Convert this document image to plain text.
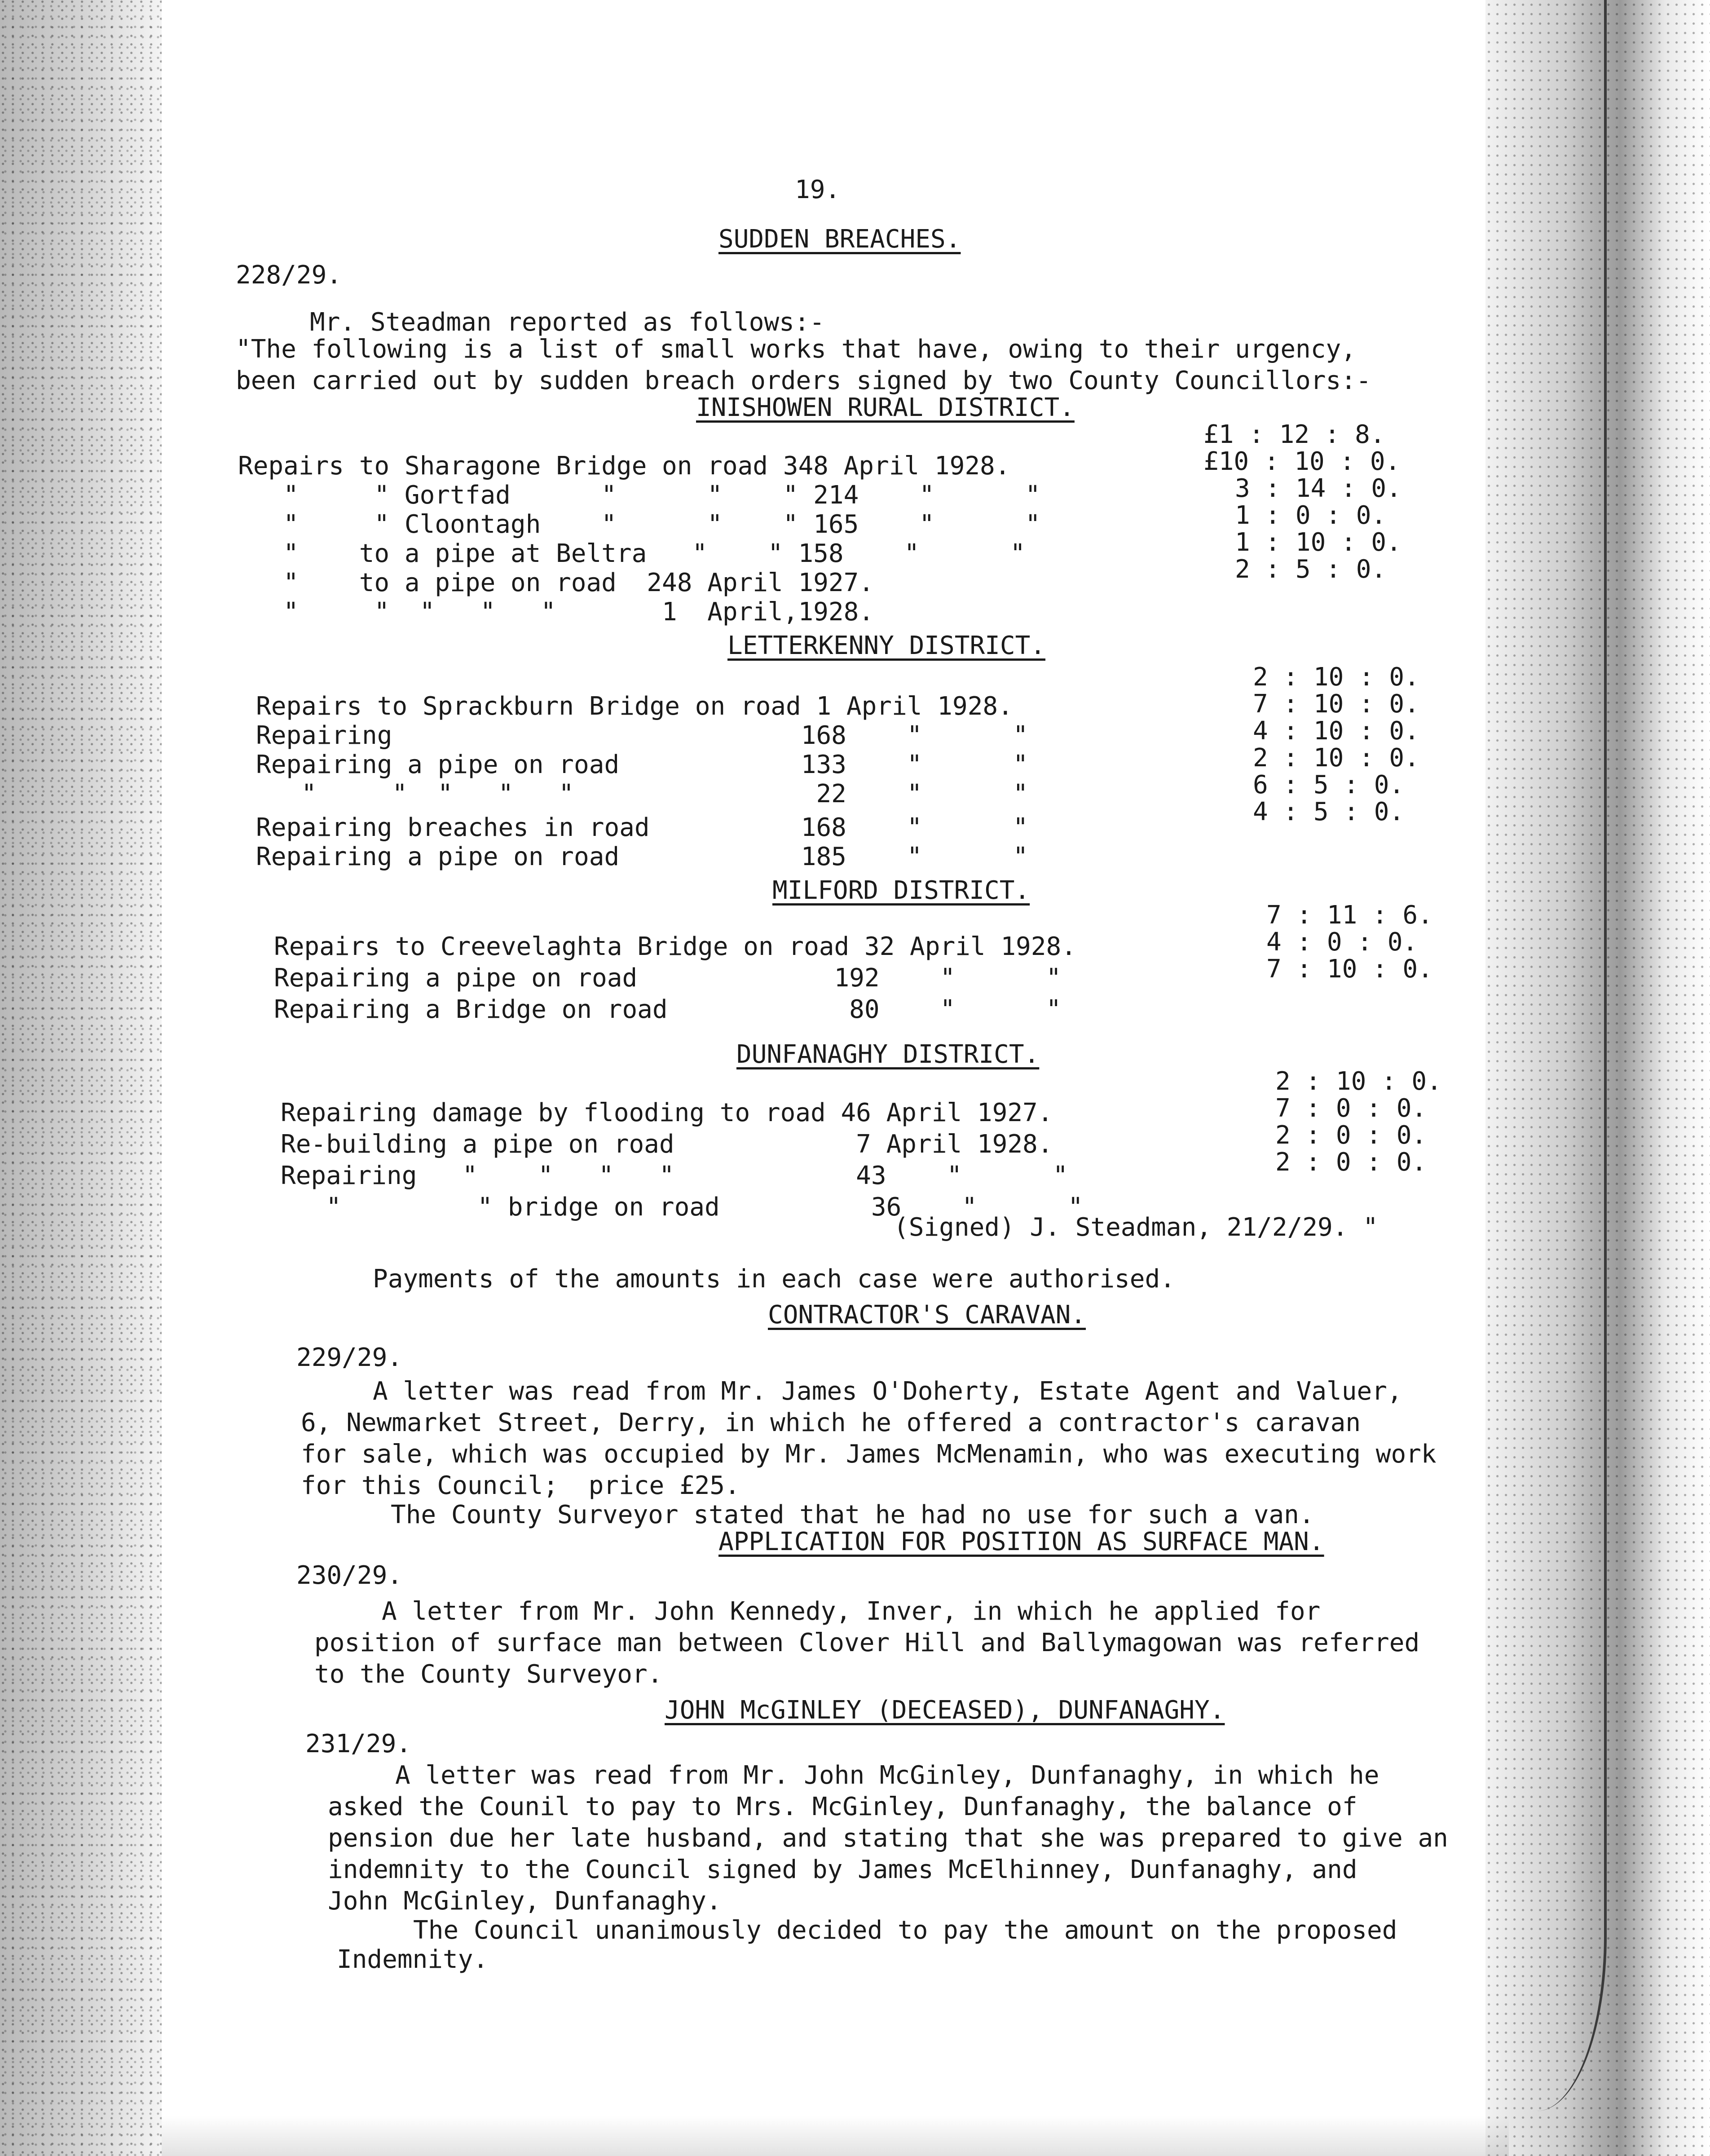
19.
SUDDEN BREACHES.
228/29.
Mr. Steadman reported as follows:-
"The following is a list of small works that have, owing to their urgency,
been carried out by sudden breach orders signed by two County Councillors:-
INISHOWEN RURAL DISTRICT.
Repairs to Sharagone Bridge on road 348 April 1928.
"     " Gortfad      "      "    " 214    "      "
"     " Cloontagh    "      "    " 165    "      "
"    to a pipe at Beltra   "    " 158    "      "
"    to a pipe on road  248 April 1927.
"     "  "   "   "       1  April,1928.
£1 : 12 : 8.
£10 : 10 : 0.
3 : 14 : 0.
1 : 0 : 0.
1 : 10 : 0.
2 : 5 : 0.
LETTERKENNY DISTRICT.
Repairs to Sprackburn Bridge on road 1 April 1928.
Repairing                           168    "      "
Repairing a pipe on road            133    "      "
"     "  "   "   "                22    "      "
Repairing breaches in road          168    "      "
Repairing a pipe on road            185    "      "
2 : 10 : 0.
7 : 10 : 0.
4 : 10 : 0.
2 : 10 : 0.
6 : 5 : 0.
4 : 5 : 0.
MILFORD DISTRICT.
Repairs to Creevelaghta Bridge on road 32 April 1928.
Repairing a pipe on road             192    "      "
Repairing a Bridge on road            80    "      "
7 : 11 : 6.
4 : 0 : 0.
7 : 10 : 0.
DUNFANAGHY DISTRICT.
Repairing damage by flooding to road 46 April 1927.
Re-building a pipe on road            7 April 1928.
Repairing   "    "   "   "            43    "      "
"         " bridge on road          36    "      "
2 : 10 : 0.
7 : 0 : 0.
2 : 0 : 0.
2 : 0 : 0.
(Signed) J. Steadman, 21/2/29. "
Payments of the amounts in each case were authorised.
CONTRACTOR'S CARAVAN.
229/29.
A letter was read from Mr. James O'Doherty, Estate Agent and Valuer,
6, Newmarket Street, Derry, in which he offered a contractor's caravan
for sale, which was occupied by Mr. James McMenamin, who was executing work
for this Council;  price £25.
The County Surveyor stated that he had no use for such a van.
APPLICATION FOR POSITION AS SURFACE MAN.
230/29.
A letter from Mr. John Kennedy, Inver, in which he applied for
position of surface man between Clover Hill and Ballymagowan was referred
to the County Surveyor.
JOHN McGINLEY (DECEASED), DUNFANAGHY.
231/29.
A letter was read from Mr. John McGinley, Dunfanaghy, in which he
asked the Counil to pay to Mrs. McGinley, Dunfanaghy, the balance of
pension due her late husband, and stating that she was prepared to give an
indemnity to the Council signed by James McElhinney, Dunfanaghy, and
John McGinley, Dunfanaghy.
The Council unanimously decided to pay the amount on the proposed
Indemnity.
